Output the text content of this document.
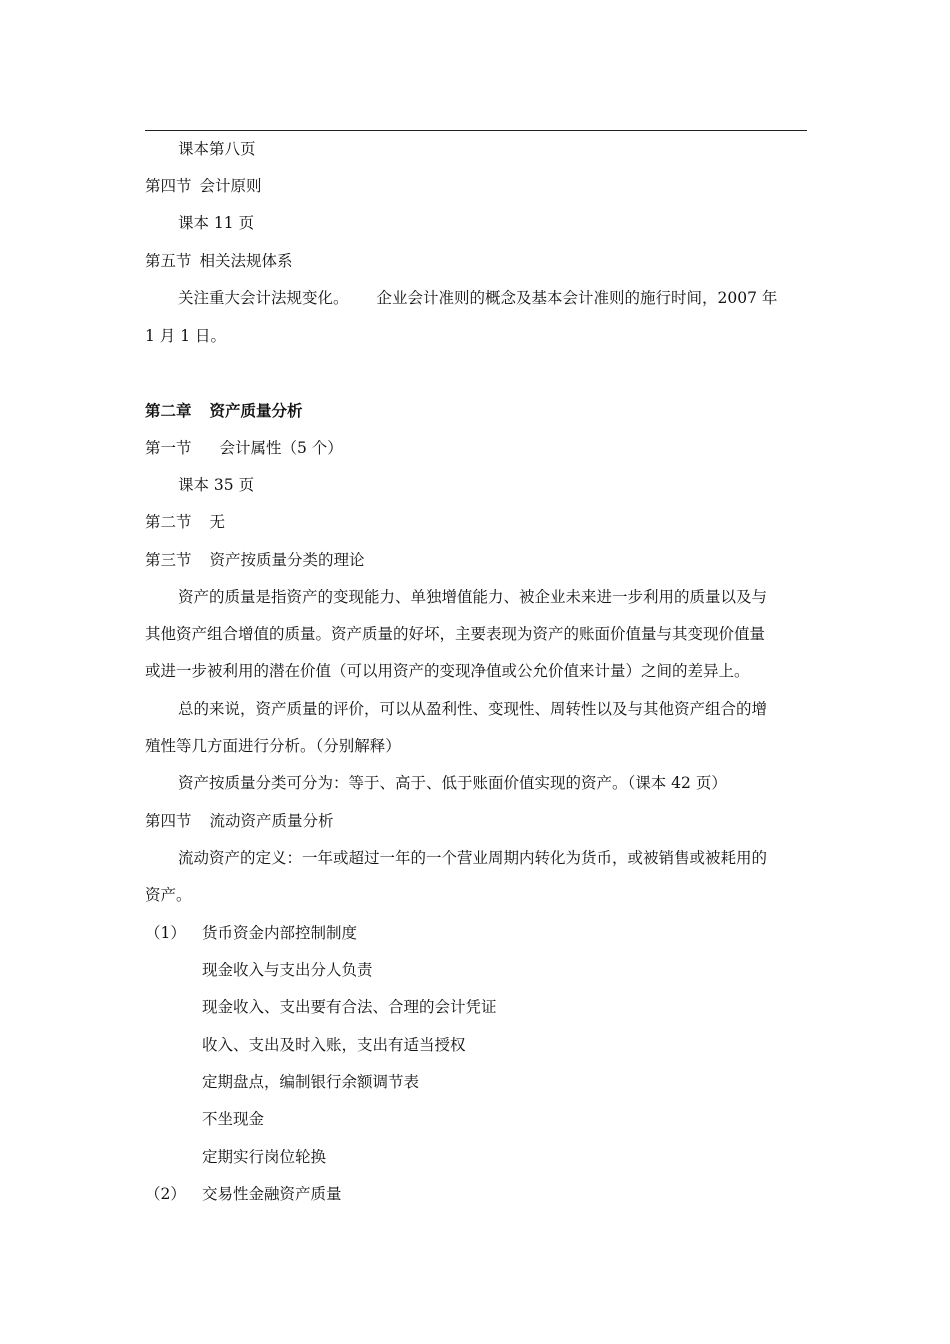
课本第八页
第四节 会计原则
课本 11 页
第五节 相关法规体系
关注重大会计法规变化。 企业会计准则的概念及基本会计准则的施行时间，2007 年
1 月 1 日。
第二章 资产质量分析
第一节 会计属性（5 个）
课本 35 页
第二节 无
第三节 资产按质量分类的理论
资产的质量是指资产的变现能力、单独增值能力、被企业未来进一步利用的质量以及与
其他资产组合增值的质量。资产质量的好坏，主要表现为资产的账面价值量与其变现价值量
或进一步被利用的潜在价值（可以用资产的变现净值或公允价值来计量）之间的差异上。
总的来说，资产质量的评价，可以从盈利性、变现性、周转性以及与其他资产组合的增
殖性等几方面进行分析。（分别解释）
资产按质量分类可分为：等于、高于、低于账面价值实现的资产。（课本 42 页）
第四节 流动资产质量分析
流动资产的定义：一年或超过一年的一个营业周期内转化为货币，或被销售或被耗用的
资产。
（1） 货币资金内部控制制度
现金收入与支出分人负责
现金收入、支出要有合法、合理的会计凭证
收入、支出及时入账，支出有适当授权
定期盘点，编制银行余额调节表
不坐现金
定期实行岗位轮换
（2） 交易性金融资产质量
